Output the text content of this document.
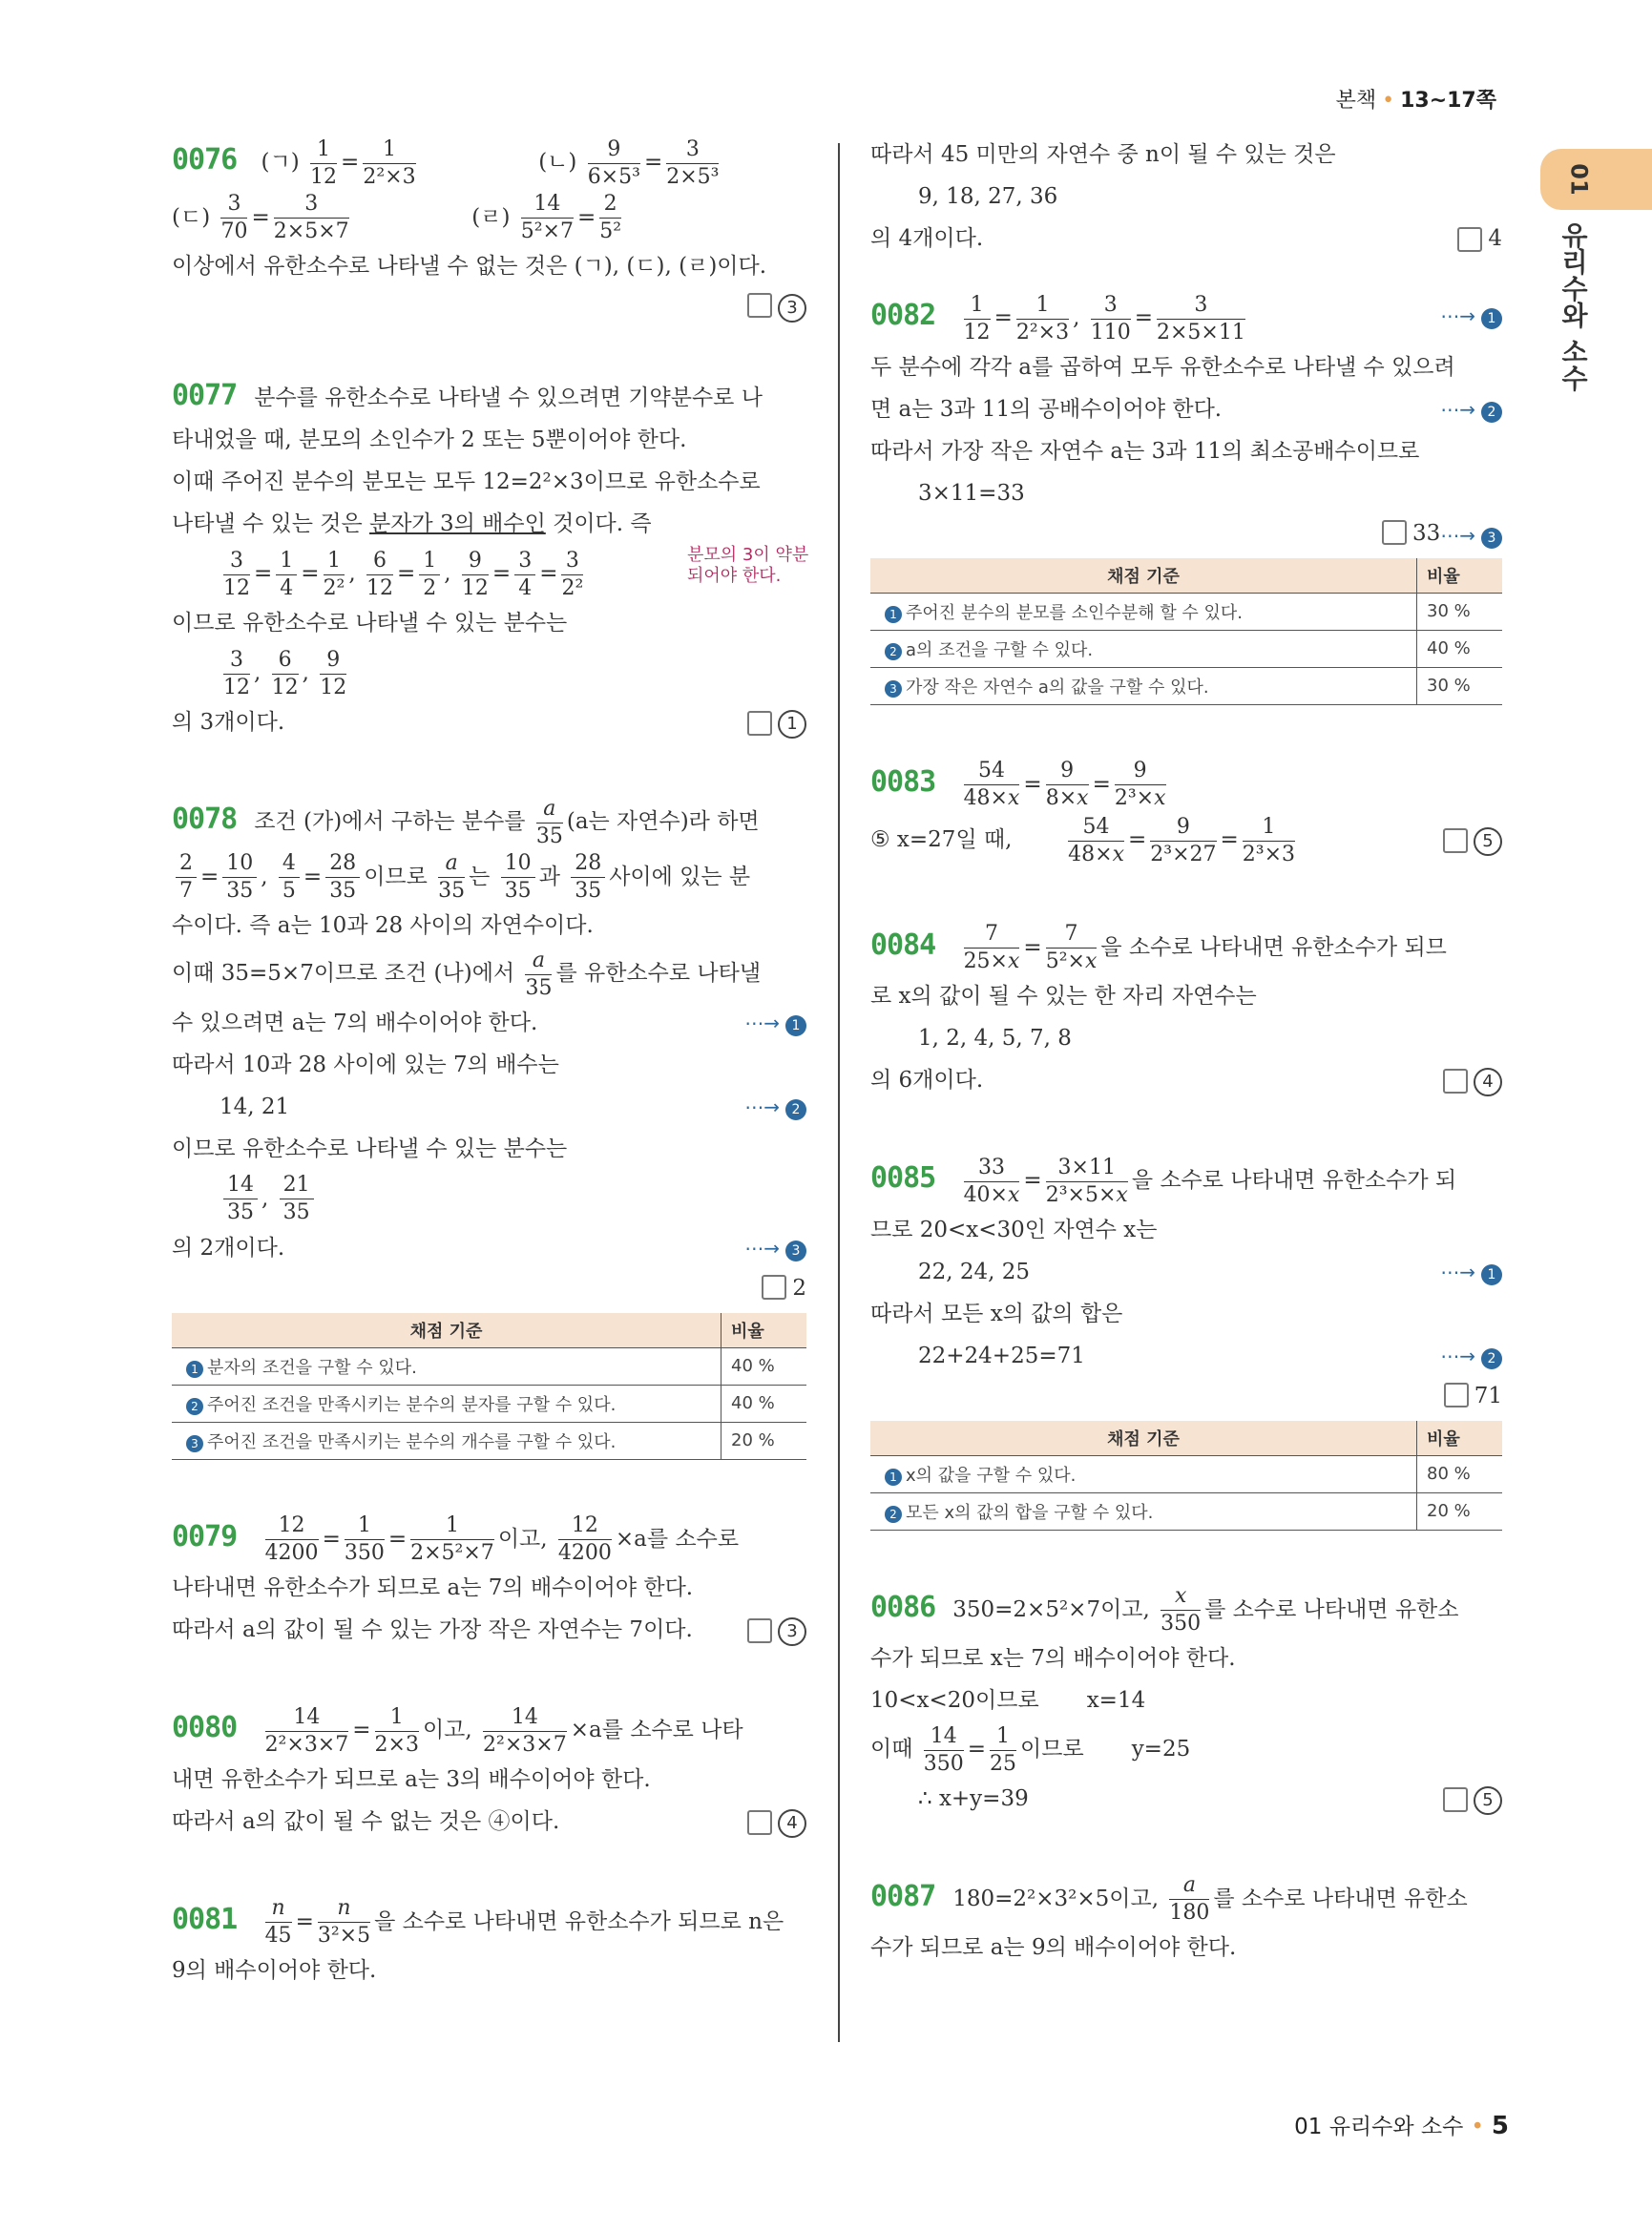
본책 • 13~17쪽
01
유리수와 소수
0076 (ㄱ) $\frac{1}{12} = \frac{1}{\text{2²×3}}$	(ㄴ) $\frac{9}{\text{6×5³}} = \frac{3}{\text{2×5³}}$
(ㄷ) $\frac{3}{70} = \frac{3}{2\times 5\times 7}$	(ㄹ) $\frac{14}{\text{5²×7}} = \frac{2}{\text{5²}}$
이상에서 유한소수로 나타낼 수 없는 것은 (ㄱ), (ㄷ), (ㄹ)이다.
3
0077 분수를 유한소수로 나타낼 수 있으려면 기약분수로 나
타내었을 때, 분모의 소인수가 2 또는 5뿐이어야 한다.
이때 주어진 분수의 분모는 모두 12=2²×3이므로 유한소수로
나타낼 수 있는 것은 분자가 3의 배수인 것이다. 즉
분모의 3이 약분되어야 한다.
$\frac{3}{12} = \frac{1}{4} = \frac{1}{\text{2²}}$ , $\frac{6}{12} = \frac{1}{2}$ , $\frac{9}{12} = \frac{3}{4} = \frac{3}{\text{2²}}$
이므로 유한소수로 나타낼 수 있는 분수는
$\frac{3}{12}$ , $\frac{6}{12}$ , $\frac{9}{12}$
의 3개이다.	1
0078 조건 (가)에서 구하는 분수를 $\frac{a}{35} (a$는 자연수)라 하면
$\frac{2}{7} = \frac{10}{35}$ , $\frac{4}{5} = \frac{28}{35}$ 이므로 $\frac{a}{35}$ 는 $\frac{10}{35}$ 과 $\frac{28}{35}$ 사이에 있는 분
수이다. 즉 a는 10과 28 사이의 자연수이다.
이때 35=5×7이므로 조건 (나)에서 $\frac{a}{35}$ 를 유한소수로 나타낼
수 있으려면 a는 7의 배수이어야 한다.	⋯→ 1
따라서 10과 28 사이에 있는 7의 배수는
14, 21	⋯→ 2
이므로 유한소수로 나타낼 수 있는 분수는
$\frac{14}{35}$ , $\frac{21}{35}$
의 2개이다.	⋯→ 3
2
채점 기준	비율
1 분자의 조건을 구할 수 있다.	40 %
2 주어진 조건을 만족시키는 분수의 분자를 구할 수 있다.	40 %
3 주어진 조건을 만족시키는 분수의 개수를 구할 수 있다.	20 %
$0079 \frac{12}{4200} = \frac{1}{350} = \frac{1}{\text{2×5²×7}}$ 이고, $\frac{12}{4200} \times a$를 소수로
나타내면 유한소수가 되므로 a는 7의 배수이어야 한다.
따라서 a의 값이 될 수 있는 가장 작은 자연수는 7이다.	3
$0080 \frac{14}{\text{2²×3×7}} = \frac{1}{2\times 3}$ 이고, $\frac{14}{\text{2²×3×7}} \times a$를 소수로 나타
내면 유한소수가 되므로 a는 3의 배수이어야 한다.
따라서 a의 값이 될 수 없는 것은 ④이다.	4
$0081 \frac{n}{45} = \frac{n}{\text{3²×5}}$ 을 소수로 나타내면 유한소수가 되므로 n은
9의 배수이어야 한다.
따라서 45 미만의 자연수 중 n이 될 수 있는 것은
9, 18, 27, 36
의 4개이다.	4
$0082 \frac{1}{12} = \frac{1}{\text{2²×3}}$ , $\frac{3}{110} = \frac{3}{2\times 5\times 11}$	⋯→ 1
두 분수에 각각 a를 곱하여 모두 유한소수로 나타낼 수 있으려
면 a는 3과 11의 공배수이어야 한다.	⋯→ 2
따라서 가장 작은 자연수 a는 3과 11의 최소공배수이므로
3×11=33
⋯→ 3
33
채점 기준	비율
1 주어진 분수의 분모를 소인수분해 할 수 있다.	30 %
2 a의 조건을 구할 수 있다.	40 %
3 가장 작은 자연수 a의 값을 구할 수 있다.	30 %
$0083 \frac{54}{48\times x} = \frac{9}{8\times x} = \frac{9}{\text{2³×x}}$
⑤ x=27일 때,	$\frac{54}{48\times x} = \frac{9}{\text{2³×27}} = \frac{1}{\text{2³×3}}$	5
$0084 \frac{7}{25\times x} = \frac{7}{\text{5²×x}}$ 을 소수로 나타내면 유한소수가 되므
로 x의 값이 될 수 있는 한 자리 자연수는
1, 2, 4, 5, 7, 8
의 6개이다.	4
$0085 \frac{33}{40\times x} = \frac{3\times 11}{\text{2³×5×x}}$ 을 소수로 나타내면 유한소수가 되
므로 20<x<30인 자연수 x는
22, 24, 25	⋯→ 1
따라서 모든 x의 값의 합은
22+24+25=71	⋯→ 2
71
채점 기준	비율
1 x의 값을 구할 수 있다.	80 %
2 모든 x의 값의 합을 구할 수 있다.	20 %
0086 350=2×5²×7이고, $\frac{x}{350}$ 를 소수로 나타내면 유한소
수가 되므로 x는 7의 배수이어야 한다.
10<x<20이므로 x=14
이때 $\frac{14}{350} = \frac{1}{25}$ 이므로 y=25
∴ x+y=39	5
0087 180=2²×3²×5이고, $\frac{a}{180}$ 를 소수로 나타내면 유한소
수가 되므로 a는 9의 배수이어야 한다.
01 유리수와 소수 • 5
